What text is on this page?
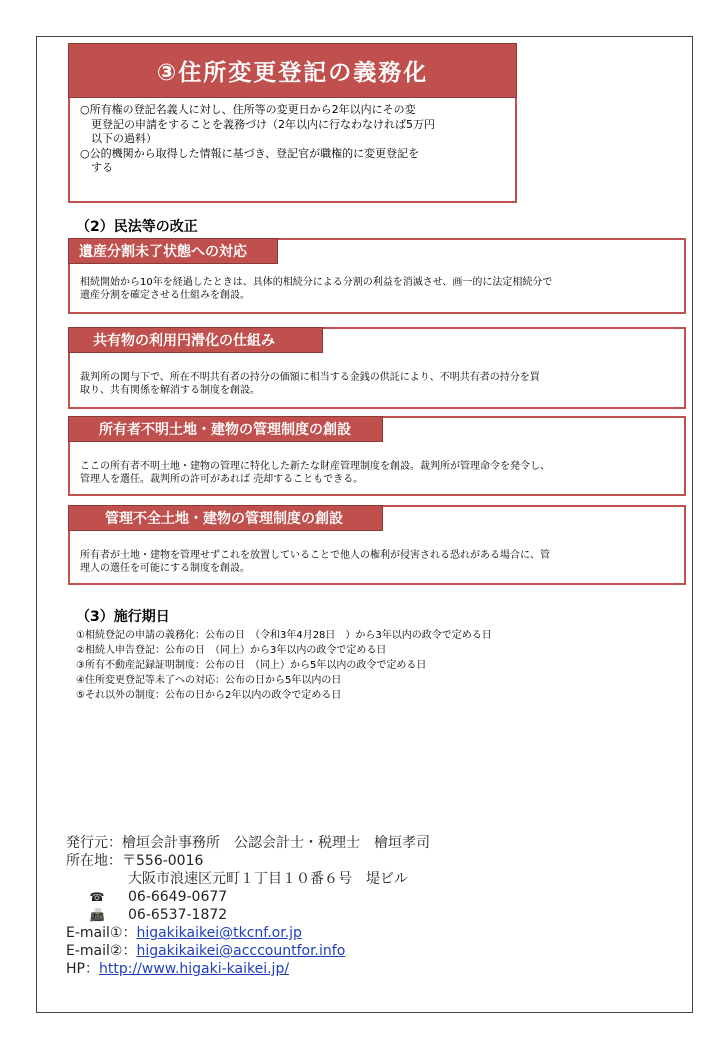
③住所変更登記の義務化

○所有権の登記名義人に対し、住所等の変更日から2年以内にその変

　更登記の申請をすることを義務づけ（2年以内に行なわなければ5万円

　以下の過料）

○公的機関から取得した情報に基づき、登記官が職権的に変更登記を

　する

（2）民法等の改正
遺産分割未了状態への対応

相続開始から10年を経過したときは、具体的相続分による分割の利益を消滅させ、画一的に法定相続分で

遺産分割を確定させる仕組みを創設。

共有物の利用円滑化の仕組み

裁判所の関与下で、所在不明共有者の持分の価額に相当する金銭の供託により、不明共有者の持分を買

取り、共有関係を解消する制度を創設。

所有者不明土地・建物の管理制度の創設

ここの所有者不明土地・建物の管理に特化した新たな財産管理制度を創設。裁判所が管理命令を発令し、

管理人を選任。裁判所の許可があれば 売却することもできる。

管理不全土地・建物の管理制度の創設

所有者が土地・建物を管理せずこれを放置していることで他人の権利が侵害される恐れがある場合に、管

理人の選任を可能にする制度を創設。

（3）施行期日

①相続登記の申請の義務化：公布の日　（令和3年4月28日　）から3年以内の政令で定める日

②相続人申告登記：公布の日　（同上）から3年以内の政令で定める日

③所有不動産記録証明制度：公布の日　（同上）から5年以内の政令で定める日

④住所変更登記等未了への対応：公布の日から5年以内の日

⑤それ以外の制度：公布の日から2年以内の政令で定める日

発行元： 檜垣会計事務所　公認会計士・税理士　檜垣孝司
所在地： 〒556-0016
大阪市浪速区元町１丁目１０番６号　堤ビル
☎	06-6649-0677
📠	06-6537-1872
E-mail①： higakikaikei@tkcnf.or.jp
E-mail②： higakikaikei@acccountfor.info
HP： http://www.higaki-kaikei.jp/
